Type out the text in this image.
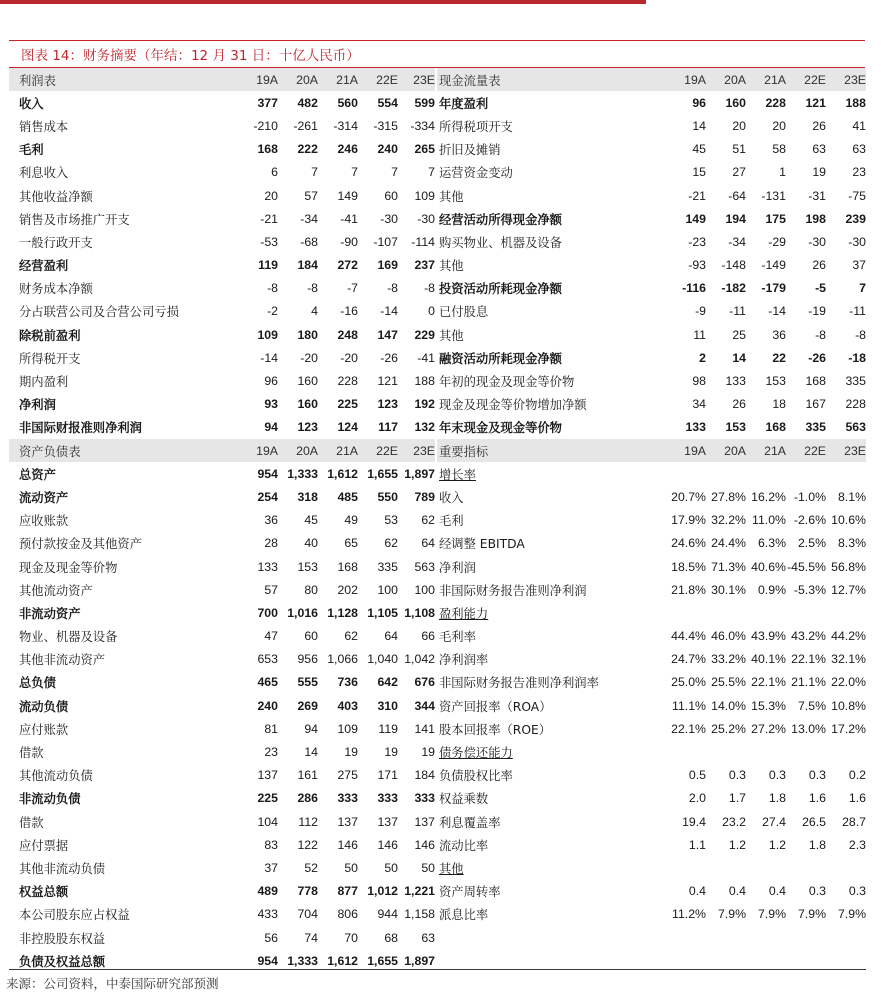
图表 14：财务摘要（年结：12 月 31 日：十亿人民币）
利润表	19A	20A	21A	22E	23E
收入	377	482	560	554	599
销售成本	-210	-261	-314	-315	-334
毛利	168	222	246	240	265
利息收入	6	7	7	7	7
其他收益净额	20	57	149	60	109
销售及市场推广开支	-21	-34	-41	-30	-30
一般行政开支	-53	-68	-90	-107	-114
经营盈利	119	184	272	169	237
财务成本净额	-8	-8	-7	-8	-8
分占联营公司及合营公司亏损	-2	4	-16	-14	0
除税前盈利	109	180	248	147	229
所得税开支	-14	-20	-20	-26	-41
期内盈利	96	160	228	121	188
净利润	93	160	225	123	192
非国际财报准则净利润	94	123	124	117	132
资产负债表	19A	20A	21A	22E	23E
总资产	954 1,333 1,612 1,655 1,897
流动资产	254	318	485	550	789
应收账款	36	45	49	53	62
预付款按金及其他资产	28	40	65	62	64
现金及现金等价物	133	153	168	335	563
其他流动资产	57	80	202	100	100
非流动资产	700 1,016 1,128 1,105 1,108
物业、机器及设备	47	60	62	64	66
其他非流动资产	653	956 1,066 1,040 1,042
总负债	465	555	736	642	676
流动负债	240	269	403	310	344
应付账款	81	94	109	119	141
借款	23	14	19	19	19
其他流动负债	137	161	275	171	184
非流动负债	225	286	333	333	333
借款	104	112	137	137	137
应付票据	83	122	146	146	146
其他非流动负债	37	52	50	50	50
权益总额	489	778	877 1,012 1,221
本公司股东应占权益	433	704	806	944 1,158
非控股股东权益	56	74	70	68	63
负债及权益总额	954 1,333 1,612 1,655 1,897
现金流量表	19A	20A	21A	22E	23E
年度盈利	96	160	228	121	188
所得税项开支	14	20	20	26	41
折旧及摊销	45	51	58	63	63
运营资金变动	15	27	1	19	23
其他	-21	-64	-131	-31	-75
经营活动所得现金净额	149	194	175	198	239
购买物业、机器及设备	-23	-34	-29	-30	-30
其他	-93	-148	-149	26	37
投资活动所耗现金净额	-116	-182	-179	-5	7
已付股息	-9	-11	-14	-19	-11
其他	11	25	36	-8	-8
融资活动所耗现金净额	2	14	22	-26	-18
年初的现金及现金等价物	98	133	153	168	335
现金及现金等价物增加净额	34	26	18	167	228
年末现金及现金等价物	133	153	168	335	563
重要指标	19A	20A	21A	22E	23E
增长率
收入	20.7% 27.8% 16.2% -1.0% 8.1%
毛利	17.9% 32.2% 11.0% -2.6% 10.6%
经调整 EBITDA	24.6% 24.4% 6.3% 2.5% 8.3%
净利润	18.5% 71.3% 40.6% -45.5% 56.8%
非国际财务报告准则净利润	21.8% 30.1% 0.9% -5.3% 12.7%
盈利能力
毛利率	44.4% 46.0% 43.9% 43.2% 44.2%
净利润率	24.7% 33.2% 40.1% 22.1% 32.1%
非国际财务报告准则净利润率	25.0% 25.5% 22.1% 21.1% 22.0%
资产回报率（ROA）	11.1% 14.0% 15.3% 7.5% 10.8%
股本回报率（ROE）	22.1% 25.2% 27.2% 13.0% 17.2%
债务偿还能力
负债股权比率	0.5	0.3	0.3	0.3	0.2
权益乘数	2.0	1.7	1.8	1.6	1.6
利息覆盖率	19.4	23.2	27.4	26.5	28.7
流动比率	1.1	1.2	1.2	1.8	2.3
其他
资产周转率	0.4	0.4	0.4	0.3	0.3
派息比率	11.2% 7.9% 7.9% 7.9% 7.9%
来源：公司资料，中泰国际研究部预测
